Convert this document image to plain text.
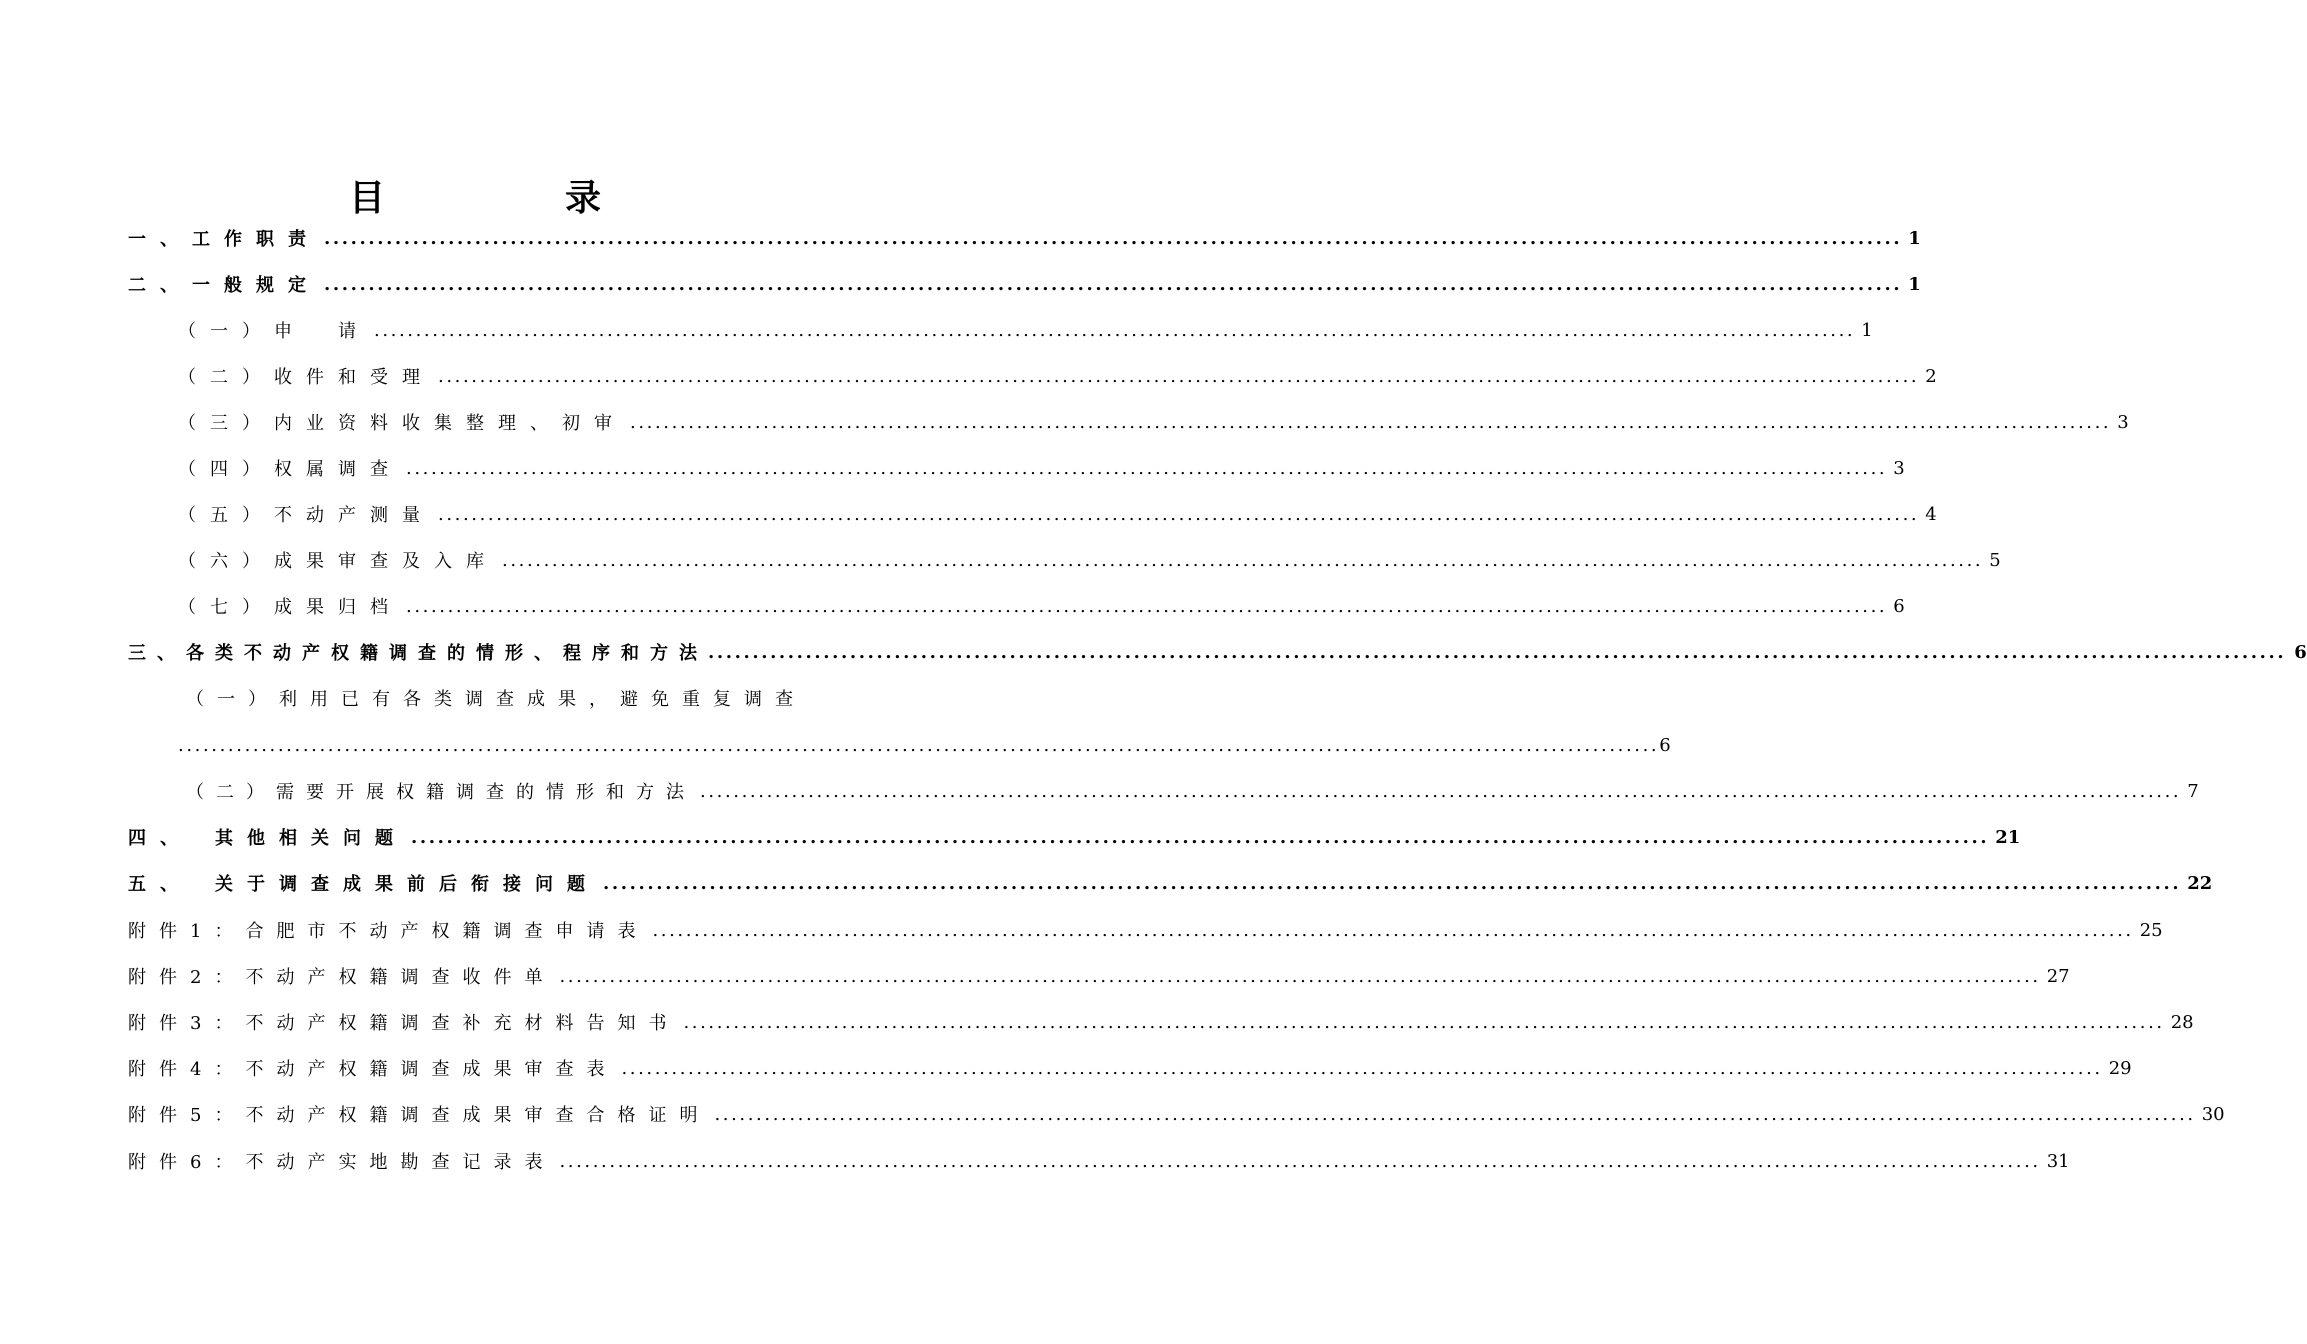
目　录
一、工作职责 .................................................................................................................................................................................. 1
二、一般规定 .................................................................................................................................................................................. 1
（一）申　请 .................................................................................................................................................................................. 1
（二）收件和受理 .................................................................................................................................................................................. 2
（三）内业资料收集整理、初审 .................................................................................................................................................................................. 3
（四）权属调查 .................................................................................................................................................................................. 3
（五）不动产测量 .................................................................................................................................................................................. 4
（六）成果审查及入库 .................................................................................................................................................................................. 5
（七）成果归档 .................................................................................................................................................................................. 6
三、各类不动产权籍调查的情形、程序和方法 .................................................................................................................................................................................. 6
（一）利用已有各类调查成果，避免重复调查
.................................................................................................................................................................................. 6
（二）需要开展权籍调查的情形和方法 .................................................................................................................................................................................. 7
四、　其他相关问题 .................................................................................................................................................................................. 21
五、　关于调查成果前后衔接问题 .................................................................................................................................................................................. 22
附件1：合肥市不动产权籍调查申请表 .................................................................................................................................................................................. 25
附件2：不动产权籍调查收件单 .................................................................................................................................................................................. 27
附件3：不动产权籍调查补充材料告知书 .................................................................................................................................................................................. 28
附件4：不动产权籍调查成果审查表 .................................................................................................................................................................................. 29
附件5：不动产权籍调查成果审查合格证明 .................................................................................................................................................................................. 30
附件6：不动产实地勘查记录表 .................................................................................................................................................................................. 31
